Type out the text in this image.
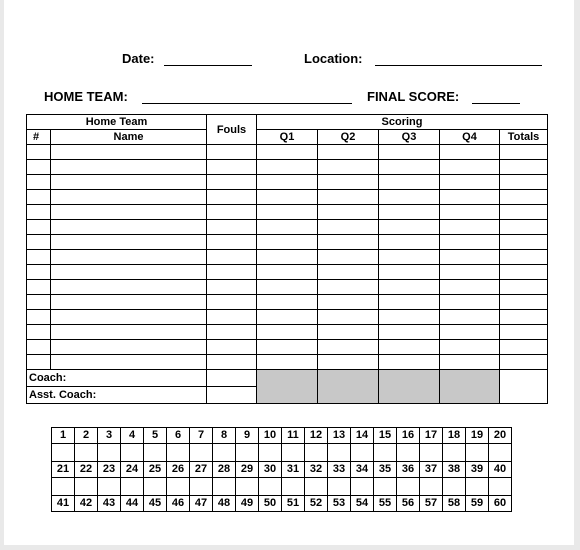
Date:	Location:
HOME TEAM:	FINAL SCORE:
Home Team		Fouls	Scoring				
#	Name		Q1	Q2	Q3	Q4	Totals

Coach:							
Asst. Coach:							
1	2	3	4	5	6	7	8	9	10	11	12	13	14	15	16	17	18	19	20

21	22	23	24	25	26	27	28	29	30	31	32	33	34	35	36	37	38	39	40

41	42	43	44	45	46	47	48	49	50	51	52	53	54	55	56	57	58	59	60
